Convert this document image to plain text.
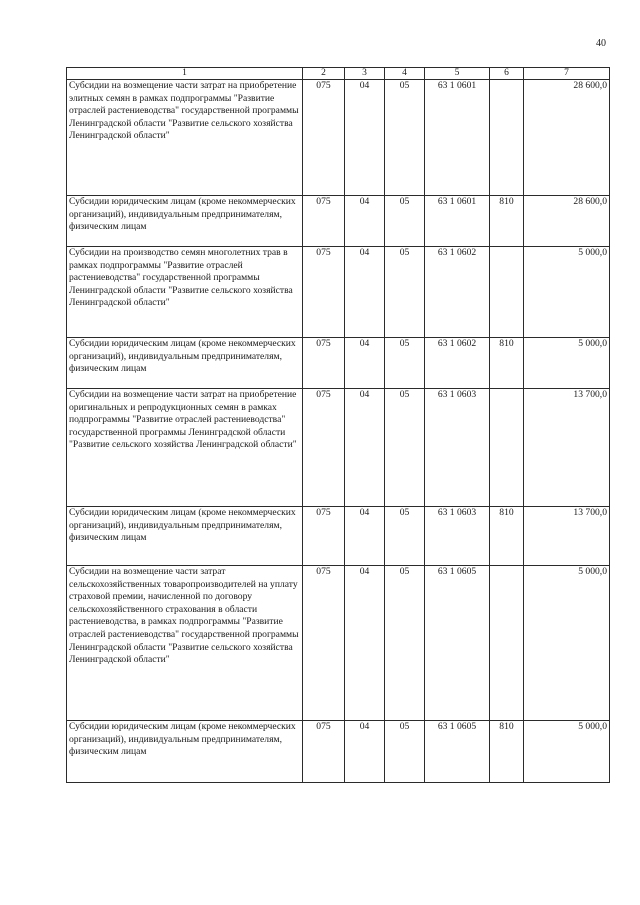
40
1	2	3	4	5	6	7
Субсидии на возмещение части затрат на приобретение элитных семян в рамках подпрограммы "Развитие отраслей растениеводства" государственной программы Ленинградской области "Развитие сельского хозяйства Ленинградской области"	075	04	05	63 1 0601		28 600,0
Субсидии юридическим лицам (кроме некоммерческих организаций), индивидуальным предпринимателям, физическим лицам	075	04	05	63 1 0601	810	28 600,0
Субсидии на производство семян многолетних трав в рамках подпрограммы "Развитие отраслей растениеводства" государственной программы Ленинградской области "Развитие сельского хозяйства Ленинградской области"	075	04	05	63 1 0602		5 000,0
Субсидии юридическим лицам (кроме некоммерческих организаций), индивидуальным предпринимателям, физическим лицам	075	04	05	63 1 0602	810	5 000,0
Субсидии на возмещение части затрат на приобретение оригинальных и репродукционных семян в рамках подпрограммы "Развитие отраслей растениеводства" государственной программы Ленинградской области "Развитие сельского хозяйства Ленинградской области"	075	04	05	63 1 0603		13 700,0
Субсидии юридическим лицам (кроме некоммерческих организаций), индивидуальным предпринимателям, физическим лицам	075	04	05	63 1 0603	810	13 700,0
Субсидии на возмещение части затрат сельскохозяйственных товаропроизводителей на уплату страховой премии, начисленной по договору сельскохозяйственного страхования в области растениеводства, в рамках подпрограммы "Развитие отраслей растениеводства" государственной программы Ленинградской области "Развитие сельского хозяйства Ленинградской области"	075	04	05	63 1 0605		5 000,0
Субсидии юридическим лицам (кроме некоммерческих организаций), индивидуальным предпринимателям, физическим лицам	075	04	05	63 1 0605	810	5 000,0
